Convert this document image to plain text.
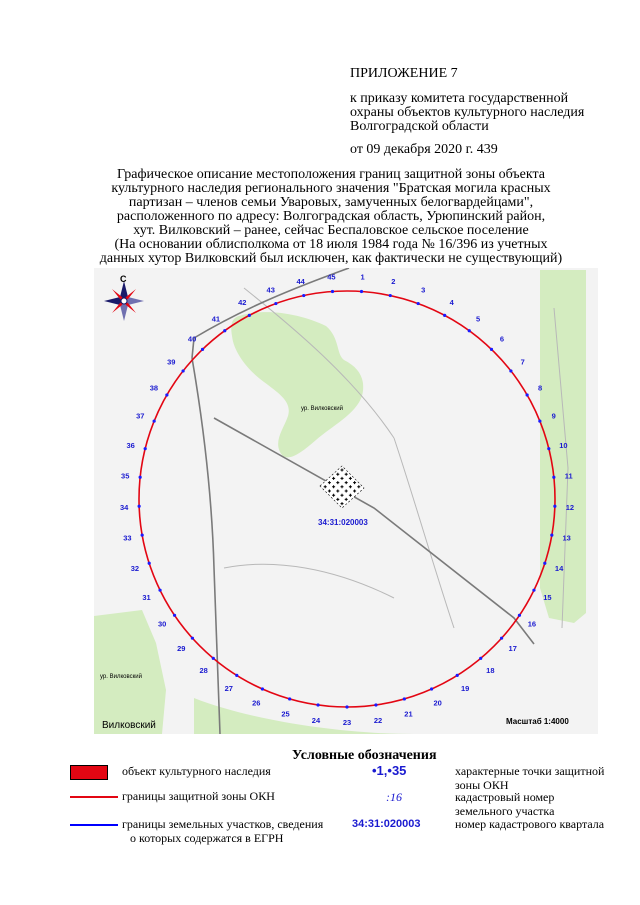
ПРИЛОЖЕНИЕ 7
к приказу комитета государственной
охраны объектов культурного наследия
Волгоградской области
от 09 декабря 2020 г. 439
Графическое описание местоположения границ защитной зоны объекта
культурного наследия регионального значения "Братская могила красных
партизан – членов семьи Уваровых, замученных белогвардейцами",
расположенного по адресу: Волгоградская область, Урюпинский район,
хут. Вилковский – ранее, сейчас Беспаловское сельское поселение
(На основании облисполкома от 18 июля 1984 года № 16/396 из учетных
данных хутор Вилковский был исключен, как фактически не существующий)
С
ур. Вилковский
ур. Вилковский
Вилковский
34:31:020003
Масштаб 1:4000
1	2
3
4
5
6
7
8
9
10
11
12
13
14
15
16
17
18
19
20
21
22
23
24
25
26
27
28
29
30
31
32
33
34
35
36
37
38
39
40
41
42
43
44	45
Условные обозначения
объект культурного наследия
границы защитной зоны ОКН
границы земельных участков, сведения
о которых содержатся в ЕГРН
•1,•35
:16
34:31:020003
характерные точки защитной
зоны ОКН
кадастровый номер
земельного участка
номер кадастрового квартала
